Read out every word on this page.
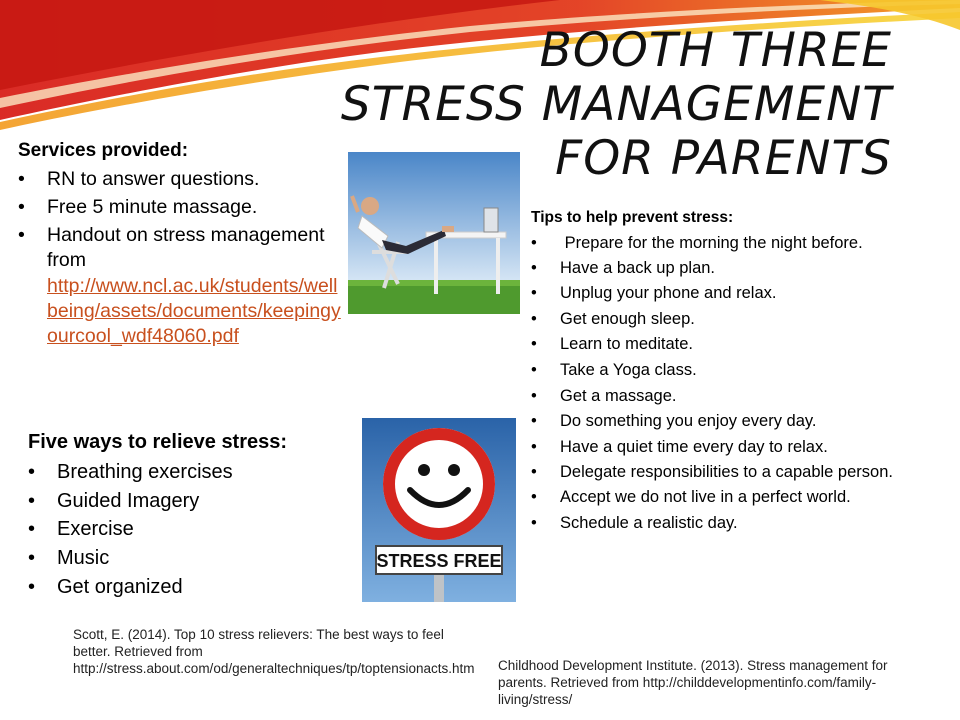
BOOTH THREE
STRESS MANAGEMENT
FOR PARENTS
Services provided:
• RN to answer questions.
• Free 5 minute massage.
• Handout on stress management from
http://www.ncl.ac.uk/students/wellbeing/assets/documents/keepingyourcool_wdf48060.pdf
Five ways to relieve stress:
• Breathing exercises
• Guided Imagery
• Exercise
• Music
• Get organized
STRESS FREE
Tips to help prevent stress:
• Prepare for the morning the night before.
• Have a back up plan.
• Unplug your phone and relax.
• Get enough sleep.
• Learn to meditate.
• Take a Yoga class.
• Get a massage.
• Do something you enjoy every day.
• Have a quiet time every day to relax.
• Delegate responsibilities to a capable person.
• Accept we do not live in a perfect world.
• Schedule a realistic day.
Scott, E. (2014). Top 10 stress relievers: The best ways to feel better. Retrieved from http://stress.about.com/od/generaltechniques/tp/toptensionacts.htm Childhood Development Institute. (2013). Stress management for parents. Retrieved from http://childdevelopmentinfo.com/family-living/stress/
